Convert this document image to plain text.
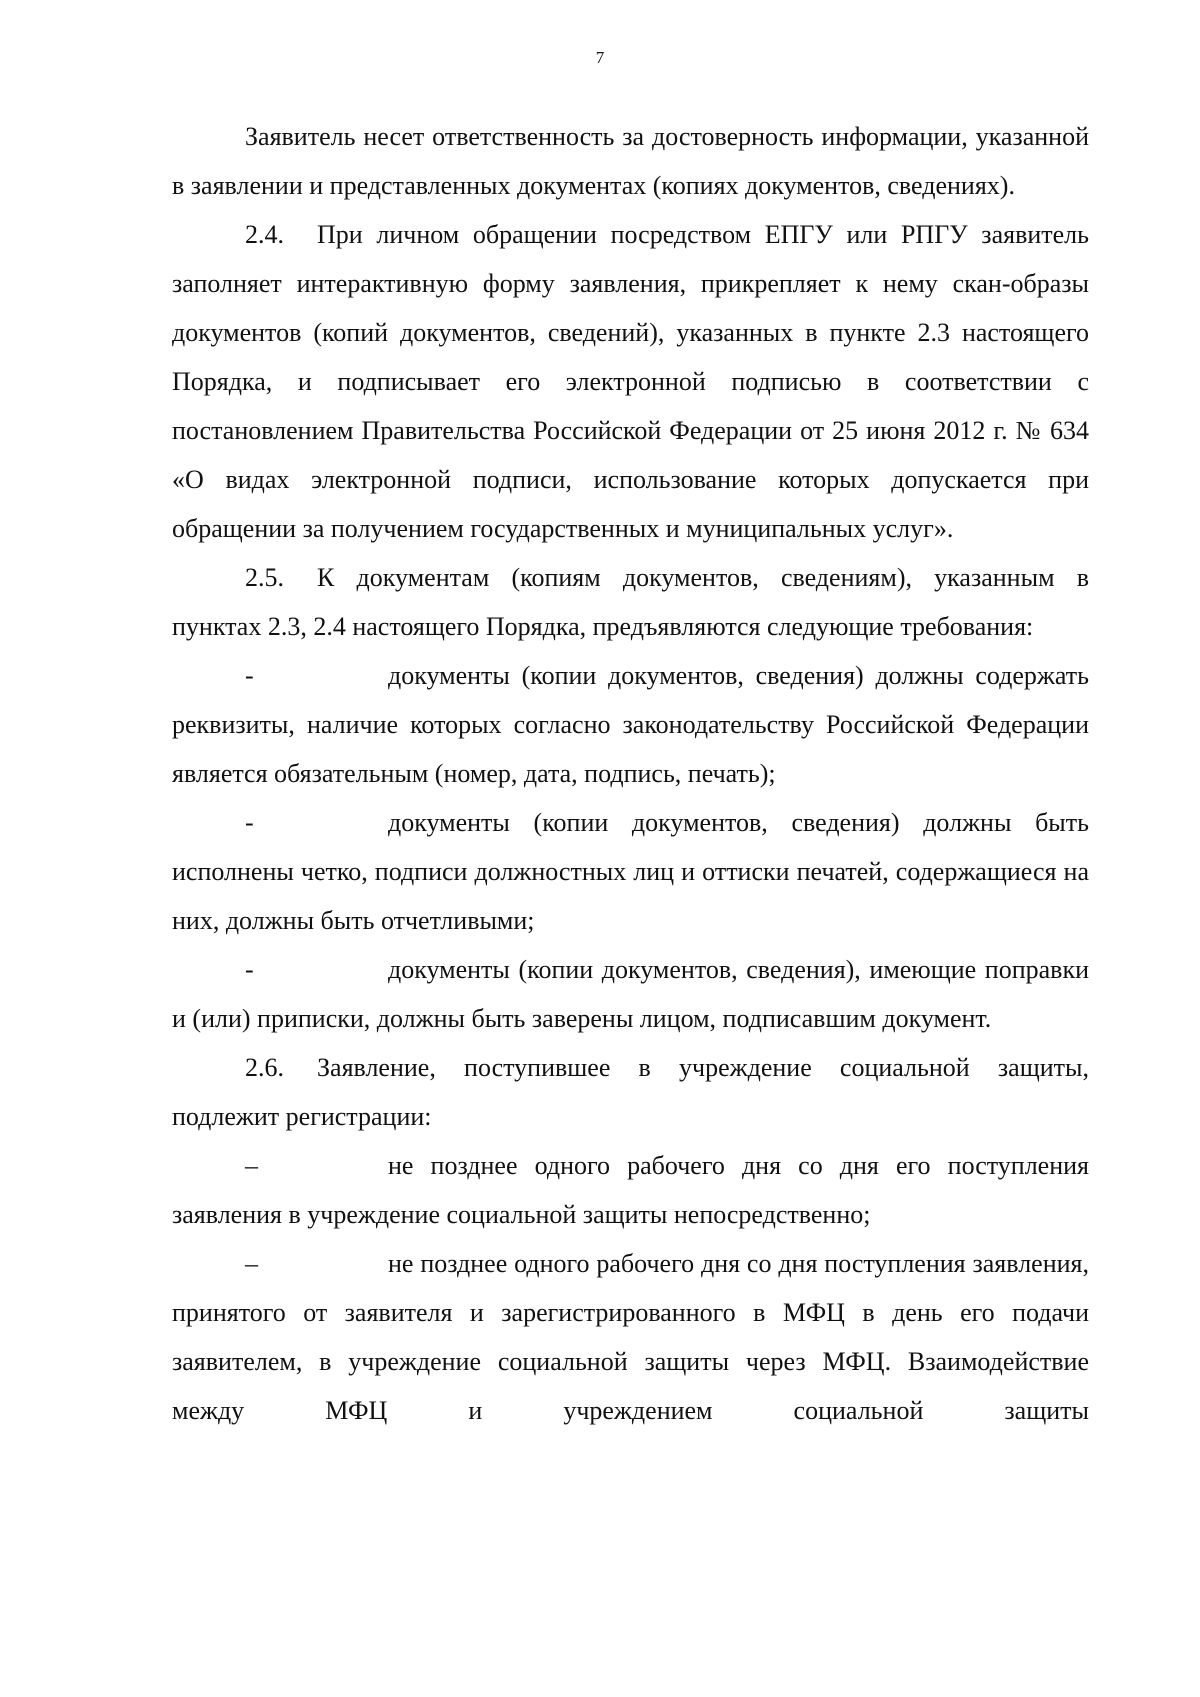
7

Заявитель несет ответственность за достоверность информации, указанной в заявлении и представленных документах (копиях документов, сведениях).

2.4. При личном обращении посредством ЕПГУ или РПГУ заявитель заполняет интерактивную форму заявления, прикрепляет к нему скан-образы документов (копий документов, сведений), указанных в пункте 2.3 настоящего Порядка, и подписывает его электронной подписью в соответствии с постановлением Правительства Российской Федерации от 25 июня 2012 г. № 634 «О видах электронной подписи, использование которых допускается при обращении за получением государственных и муниципальных услуг».

2.5. К документам (копиям документов, сведениям), указанным в пунктах 2.3, 2.4 настоящего Порядка, предъявляются следующие требования:

-	документы (копии документов, сведения) должны содержать реквизиты, наличие которых согласно законодательству Российской Федерации является обязательным (номер, дата, подпись, печать);

-	документы (копии документов, сведения) должны быть исполнены четко, подписи должностных лиц и оттиски печатей, содержащиеся на них, должны быть отчетливыми;

-	документы (копии документов, сведения), имеющие поправки и (или) приписки, должны быть заверены лицом, подписавшим документ.

2.6. Заявление, поступившее в учреждение социальной защиты, подлежит регистрации:

–	не позднее одного рабочего дня со дня его поступления заявления в учреждение социальной защиты непосредственно;

–	не позднее одного рабочего дня со дня поступления заявления, принятого от заявителя и зарегистрированного в МФЦ в день его подачи заявителем, в учреждение социальной защиты через МФЦ. Взаимодействие между МФЦ и учреждением социальной защиты
